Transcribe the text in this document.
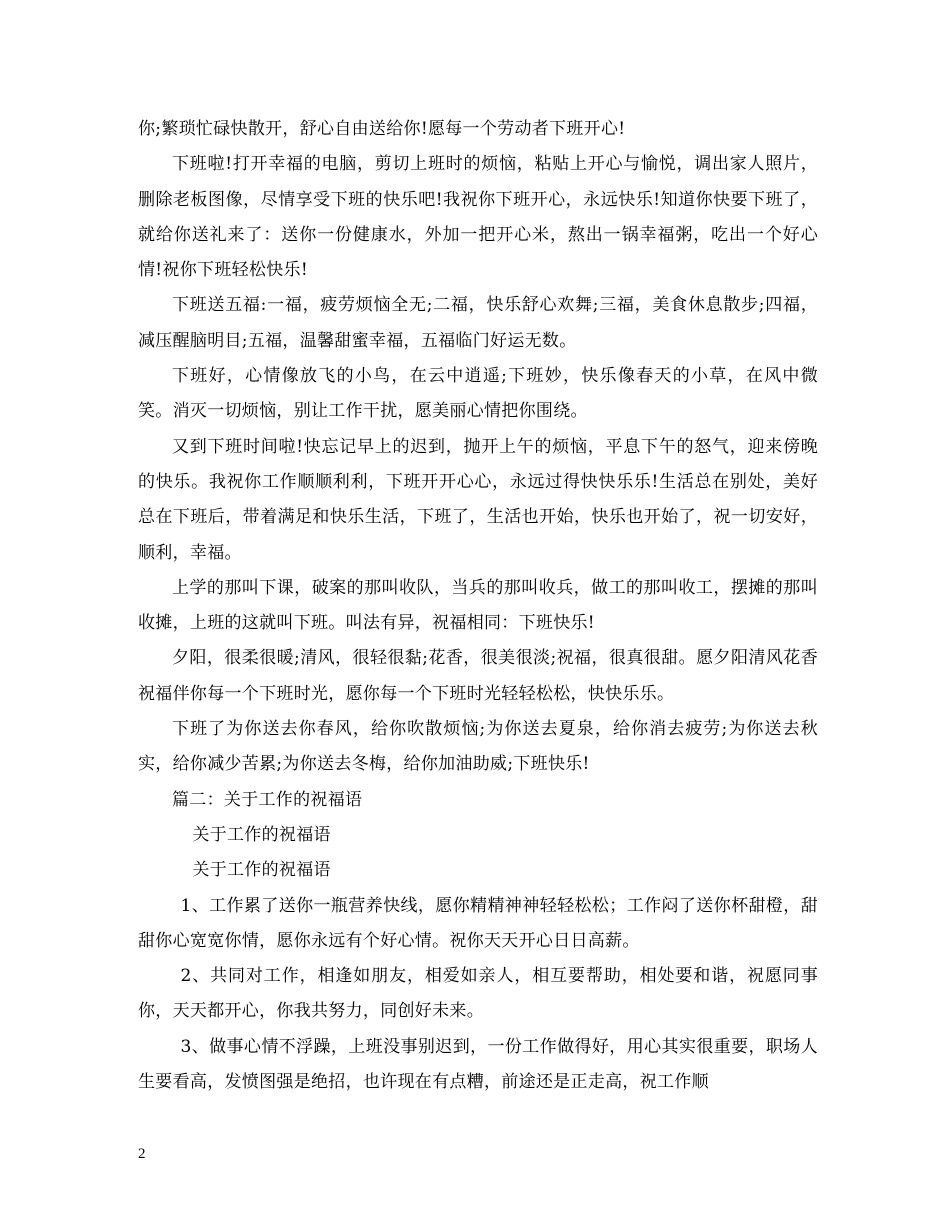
你;繁琐忙碌快散开，舒心自由送给你!愿每一个劳动者下班开心!

下班啦!打开幸福的电脑，剪切上班时的烦恼，粘贴上开心与愉悦，调出家人照片，删除老板图像，尽情享受下班的快乐吧!我祝你下班开心，永远快乐!知道你快要下班了，就给你送礼来了：送你一份健康水，外加一把开心米，熬出一锅幸福粥，吃出一个好心情!祝你下班轻松快乐!

下班送五福:一福，疲劳烦恼全无;二福，快乐舒心欢舞;三福，美食休息散步;四福，减压醒脑明目;五福，温馨甜蜜幸福，五福临门好运无数。

下班好，心情像放飞的小鸟，在云中逍遥;下班妙，快乐像春天的小草，在风中微笑。消灭一切烦恼，别让工作干扰，愿美丽心情把你围绕。

又到下班时间啦!快忘记早上的迟到，抛开上午的烦恼，平息下午的怒气，迎来傍晚的快乐。我祝你工作顺顺利利，下班开开心心，永远过得快快乐乐!生活总在别处，美好总在下班后，带着满足和快乐生活，下班了，生活也开始，快乐也开始了，祝一切安好，顺利，幸福。

上学的那叫下课，破案的那叫收队，当兵的那叫收兵，做工的那叫收工，摆摊的那叫收摊，上班的这就叫下班。叫法有异，祝福相同：下班快乐!

夕阳，很柔很暖;清风，很轻很黏;花香，很美很淡;祝福，很真很甜。愿夕阳清风花香祝福伴你每一个下班时光，愿你每一个下班时光轻轻松松，快快乐乐。

下班了为你送去你春风，给你吹散烦恼;为你送去夏泉，给你消去疲劳;为你送去秋实，给你减少苦累;为你送去冬梅，给你加油助威;下班快乐!

篇二：关于工作的祝福语

关于工作的祝福语

关于工作的祝福语

1、工作累了送你一瓶营养快线，愿你精精神神轻轻松松；工作闷了送你杯甜橙，甜甜你心宽宽你情，愿你永远有个好心情。祝你天天开心日日高薪。

2、共同对工作，相逢如朋友，相爱如亲人，相互要帮助，相处要和谐，祝愿同事你，天天都开心，你我共努力，同创好未来。

3、做事心情不浮躁，上班没事别迟到，一份工作做得好，用心其实很重要，职场人生要看高，发愤图强是绝招，也许现在有点糟，前途还是正走高，祝工作顺

2
